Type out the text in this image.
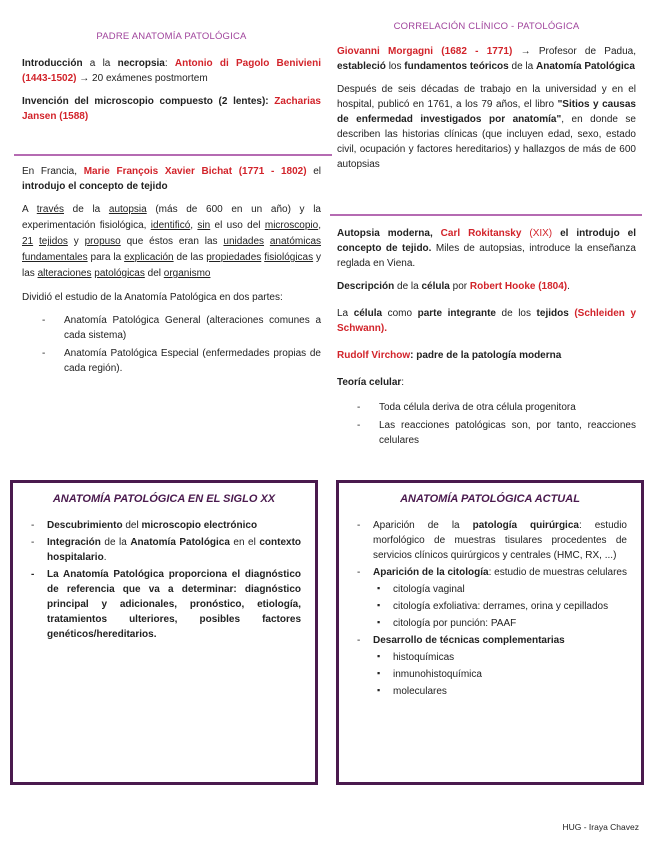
PADRE ANATOMÍA PATOLÓGICA

Introducción a la necropsia: Antonio di Pagolo Benivieni (1443-1502) → 20 exámenes postmortem

Invención del microscopio compuesto (2 lentes): Zacharias Jansen (1588)

En Francia, Marie François Xavier Bichat (1771 - 1802) el introdujo el concepto de tejido

A través de la autopsia (más de 600 en un año) y la experimentación fisiológica, identificó, sin el uso del microscopio, 21 tejidos y propuso que éstos eran las unidades anatómicas fundamentales para la explicación de las propiedades fisiológicas y las alteraciones patológicas del organismo

Dividió el estudio de la Anatomía Patológica en dos partes:

- Anatomía Patológica General (alteraciones comunes a cada sistema)
- Anatomía Patológica Especial (enfermedades propias de cada región).
CORRELACIÓN CLÍNICO - PATOLÓGICA

Giovanni Morgagni (1682 - 1771) → Profesor de Padua, estableció los fundamentos teóricos de la Anatomía Patológica

Después de seis décadas de trabajo en la universidad y en el hospital, publicó en 1761, a los 79 años, el libro "Sitios y causas de enfermedad investigados por anatomía", en donde se describen las historias clínicas (que incluyen edad, sexo, estado civil, ocupación y factores hereditarios) y hallazgos de más de 600 autopsias

Autopsia moderna, Carl Rokitansky (XIX) el introdujo el concepto de tejido. Miles de autopsias, introduce la enseñanza reglada en Viena.

Descripción de la célula por Robert Hooke (1804).

La célula como parte integrante de los tejidos (Schleiden y Schwann).

Rudolf Virchow: padre de la patología moderna

Teoría celular:

- Toda célula deriva de otra célula progenitora
- Las reacciones patológicas son, por tanto, reacciones celulares
ANATOMÍA PATOLÓGICA EN EL SIGLO XX
- Descubrimiento del microscopio electrónico
- Integración de la Anatomía Patológica en el contexto hospitalario.
- La Anatomía Patológica proporciona el diagnóstico de referencia que va a determinar: diagnóstico principal y adicionales, pronóstico, etiología, tratamientos ulteriores, posibles factores genéticos/hereditarios.
ANATOMÍA PATOLÓGICA ACTUAL
- Aparición de la patología quirúrgica: estudio morfológico de muestras tisulares procedentes de servicios clínicos quirúrgicos y centrales (HMC, RX, ...)
- Aparición de la citología: estudio de muestras celulares
▪ citología vaginal
▪ citología exfoliativa: derrames, orina y cepillados
▪ citología por punción: PAAF
- Desarrollo de técnicas complementarias
▪ histoquímicas
▪ inmunohistoquímica
▪ moleculares
HUG - Iraya Chavez
